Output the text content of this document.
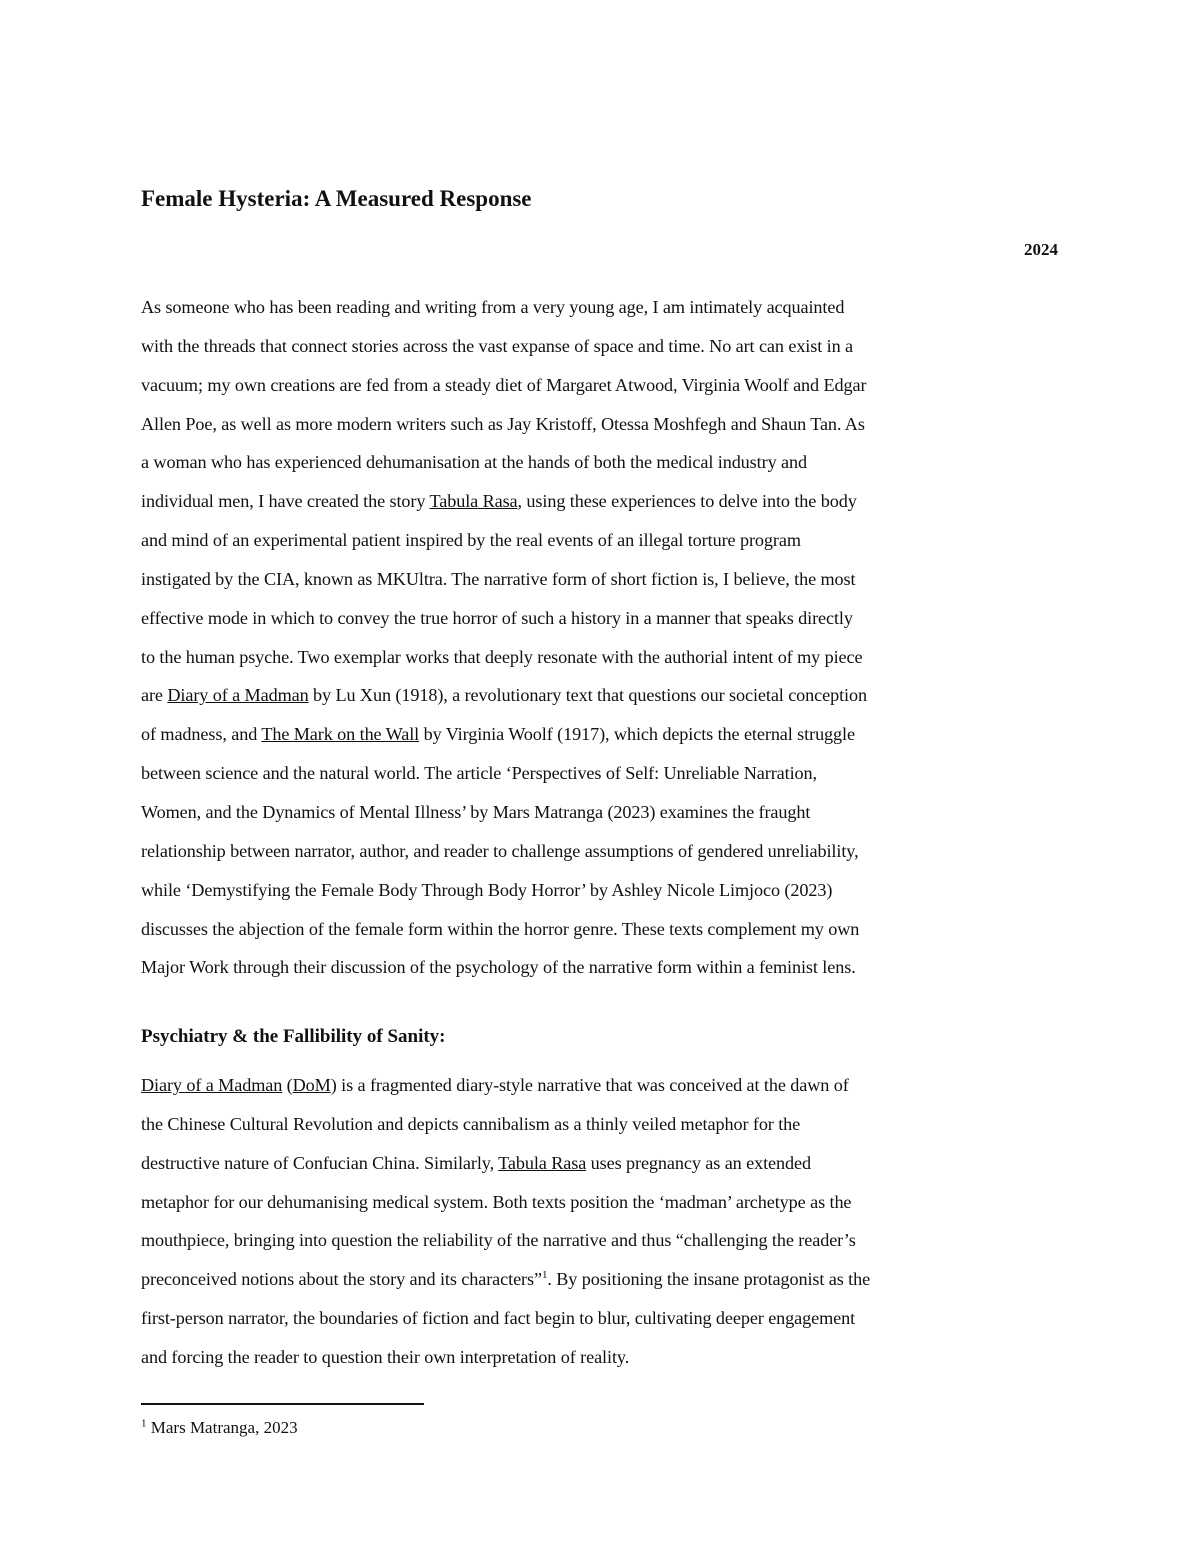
Female Hysteria: A Measured Response
2024

As someone who has been reading and writing from a very young age, I am intimately acquainted
with the threads that connect stories across the vast expanse of space and time. No art can exist in a
vacuum; my own creations are fed from a steady diet of Margaret Atwood, Virginia Woolf and Edgar
Allen Poe, as well as more modern writers such as Jay Kristoff, Otessa Moshfegh and Shaun Tan. As
a woman who has experienced dehumanisation at the hands of both the medical industry and
individual men, I have created the story Tabula Rasa, using these experiences to delve into the body
and mind of an experimental patient inspired by the real events of an illegal torture program
instigated by the CIA, known as MKUltra. The narrative form of short fiction is, I believe, the most
effective mode in which to convey the true horror of such a history in a manner that speaks directly
to the human psyche. Two exemplar works that deeply resonate with the authorial intent of my piece
are Diary of a Madman by Lu Xun (1918), a revolutionary text that questions our societal conception
of madness, and The Mark on the Wall by Virginia Woolf (1917), which depicts the eternal struggle
between science and the natural world. The article ‘Perspectives of Self: Unreliable Narration,
Women, and the Dynamics of Mental Illness’ by Mars Matranga (2023) examines the fraught
relationship between narrator, author, and reader to challenge assumptions of gendered unreliability,
while ‘Demystifying the Female Body Through Body Horror’ by Ashley Nicole Limjoco (2023)
discusses the abjection of the female form within the horror genre. These texts complement my own
Major Work through their discussion of the psychology of the narrative form within a feminist lens.

Psychiatry & the Fallibility of Sanity:

Diary of a Madman (DoM) is a fragmented diary-style narrative that was conceived at the dawn of
the Chinese Cultural Revolution and depicts cannibalism as a thinly veiled metaphor for the
destructive nature of Confucian China. Similarly, Tabula Rasa uses pregnancy as an extended
metaphor for our dehumanising medical system. Both texts position the ‘madman’ archetype as the
mouthpiece, bringing into question the reliability of the narrative and thus “challenging the reader’s
preconceived notions about the story and its characters”$^1$. By positioning the insane protagonist as the
first-person narrator, the boundaries of fiction and fact begin to blur, cultivating deeper engagement
and forcing the reader to question their own interpretation of reality.

$^1$ Mars Matranga, 2023
